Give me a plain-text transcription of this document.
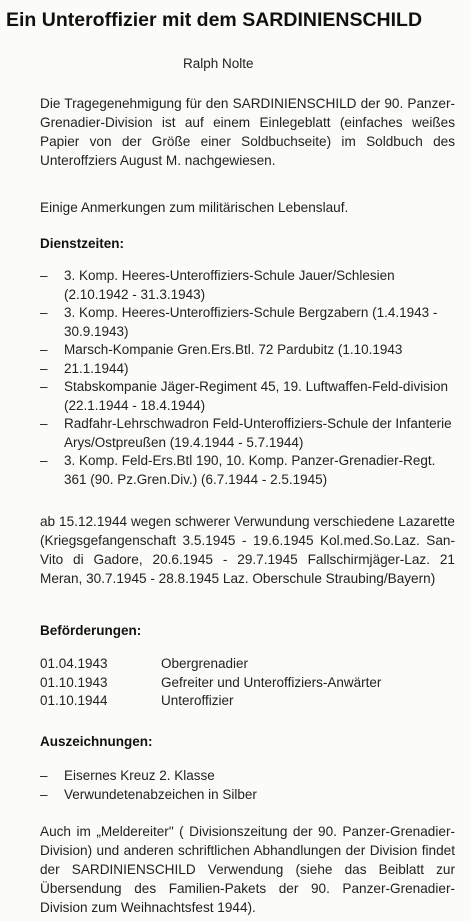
Ein Unteroffizier mit dem SARDINIENSCHILD
Ralph Nolte

Die Tragegenehmigung für den SARDINIENSCHILD der 90. Panzer-Grenadier-Division ist auf einem Einlegeblatt (einfaches weißes Papier von der Größe einer Soldbuchseite) im Soldbuch des Unteroffziers August M. nachgewiesen.

Einige Anmerkungen zum militärischen Lebenslauf.

Dienstzeiten:
– 3. Komp. Heeres-Unteroffiziers-Schule Jauer/Schlesien (2.10.1942 - 31.3.1943)
– 3. Komp. Heeres-Unteroffiziers-Schule Bergzabern (1.4.1943 - 30.9.1943)
– Marsch-Kompanie Gren.Ers.Btl. 72 Pardubitz (1.10.1943
– 21.1.1944)
– Stabskompanie Jäger-Regiment 45, 19. Luftwaffen-Feld-division (22.1.1944 - 18.4.1944)
– Radfahr-Lehrschwadron Feld-Unteroffiziers-Schule der Infanterie Arys/Ostpreußen (19.4.1944 - 5.7.1944)
– 3. Komp. Feld-Ers.Btl 190, 10. Komp. Panzer-Grenadier-Regt. 361 (90. Pz.Gren.Div.) (6.7.1944 - 2.5.1945)

ab 15.12.1944 wegen schwerer Verwundung verschiedene Lazarette (Kriegsgefangenschaft 3.5.1945 - 19.6.1945 Kol.med.So.Laz. San-Vito di Gadore, 20.6.1945 - 29.7.1945 Fallschirmjäger-Laz. 21 Meran, 30.7.1945 - 28.8.1945 Laz. Oberschule Straubing/Bayern)

Beförderungen:
01.04.1943	Obergrenadier
01.10.1943	Gefreiter und Unteroffiziers-Anwärter
01.10.1944	Unteroffizier
Auszeichnungen:
– Eisernes Kreuz 2. Klasse
– Verwundetenabzeichen in Silber

Auch im „Meldereiter" ( Divisionszeitung der 90. Panzer-Grenadier-Division) und anderen schriftlichen Abhandlungen der Division findet der SARDINIENSCHILD Verwendung (siehe das Beiblatt zur Übersendung des Familien-Pakets der 90. Panzer-Grenadier-Division zum Weihnachtsfest 1944).
